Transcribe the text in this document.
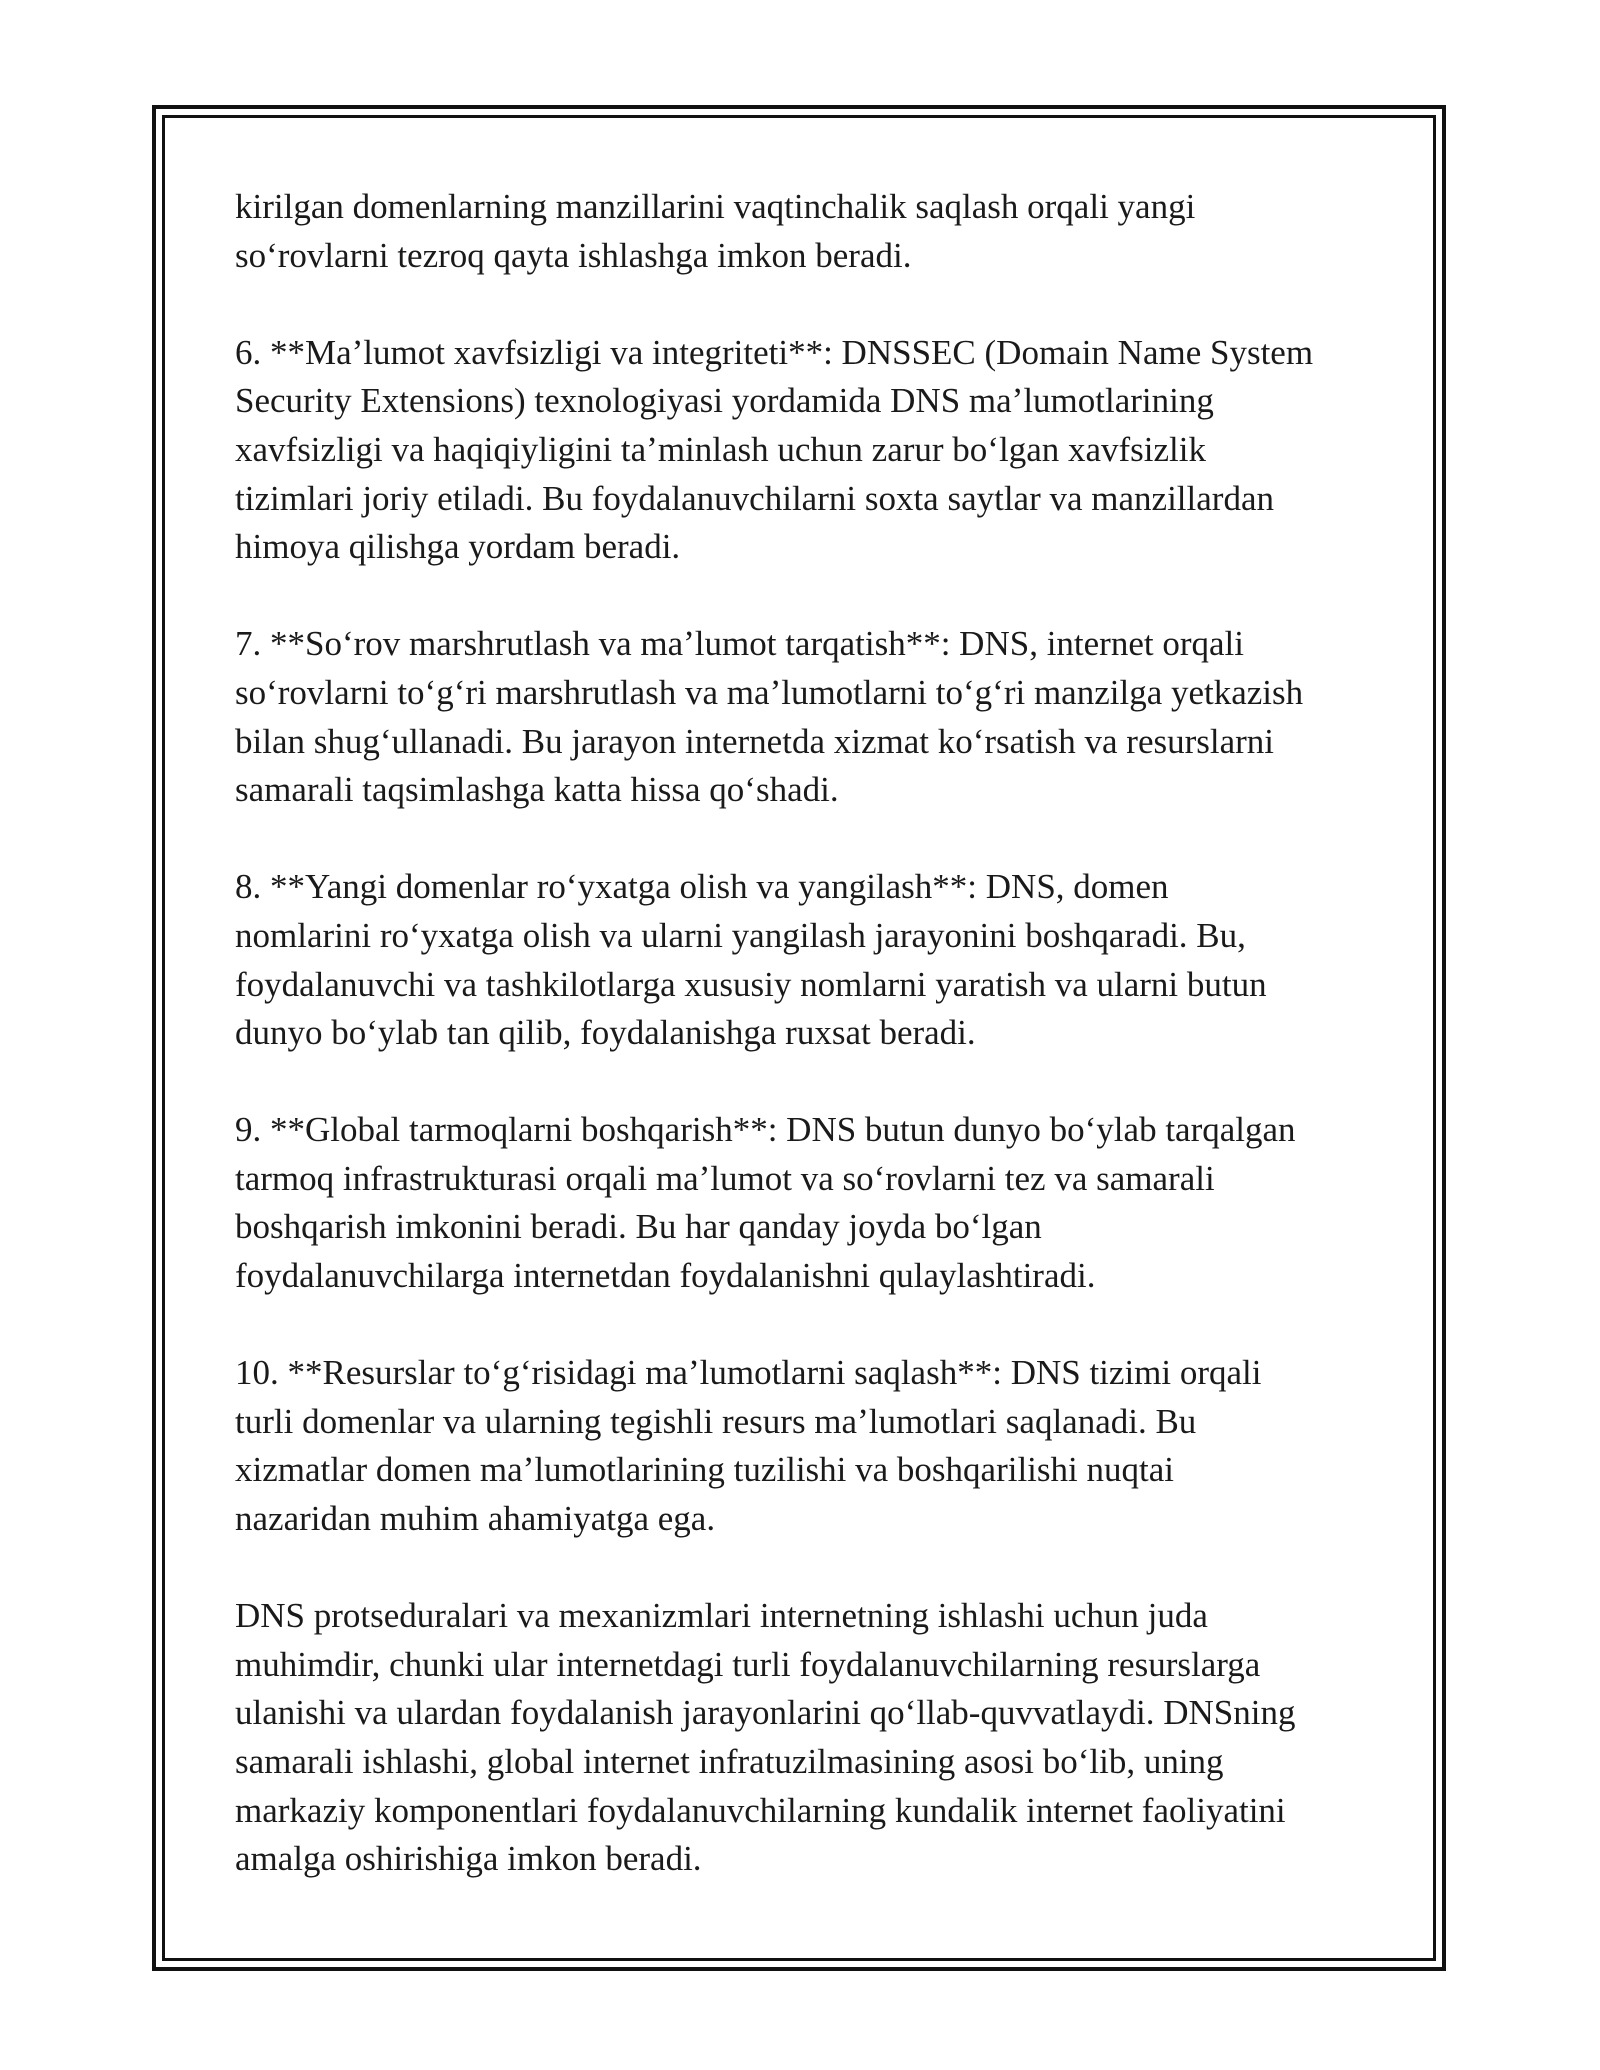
kirilgan domenlarning manzillarini vaqtinchalik saqlash orqali yangi
soʻrovlarni tezroq qayta ishlashga imkon beradi.

6. **Maʼlumot xavfsizligi va integriteti**: DNSSEC (Domain Name System
Security Extensions) texnologiyasi yordamida DNS maʼlumotlarining
xavfsizligi va haqiqiyligini taʼminlash uchun zarur boʻlgan xavfsizlik
tizimlari joriy etiladi. Bu foydalanuvchilarni soxta saytlar va manzillardan
himoya qilishga yordam beradi.

7. **Soʻrov marshrutlash va maʼlumot tarqatish**: DNS, internet orqali
soʻrovlarni toʻgʻri marshrutlash va maʼlumotlarni toʻgʻri manzilga yetkazish
bilan shugʻullanadi. Bu jarayon internetda xizmat koʻrsatish va resurslarni
samarali taqsimlashga katta hissa qoʻshadi.

8. **Yangi domenlar roʻyxatga olish va yangilash**: DNS, domen
nomlarini roʻyxatga olish va ularni yangilash jarayonini boshqaradi. Bu,
foydalanuvchi va tashkilotlarga xususiy nomlarni yaratish va ularni butun
dunyo boʻylab tan qilib, foydalanishga ruxsat beradi.

9. **Global tarmoqlarni boshqarish**: DNS butun dunyo boʻylab tarqalgan
tarmoq infrastrukturasi orqali maʼlumot va soʻrovlarni tez va samarali
boshqarish imkonini beradi. Bu har qanday joyda boʻlgan
foydalanuvchilarga internetdan foydalanishni qulaylashtiradi.

10. **Resurslar toʻgʻrisidagi maʼlumotlarni saqlash**: DNS tizimi orqali
turli domenlar va ularning tegishli resurs maʼlumotlari saqlanadi. Bu
xizmatlar domen maʼlumotlarining tuzilishi va boshqarilishi nuqtai
nazaridan muhim ahamiyatga ega.

DNS protseduralari va mexanizmlari internetning ishlashi uchun juda
muhimdir, chunki ular internetdagi turli foydalanuvchilarning resurslarga
ulanishi va ulardan foydalanish jarayonlarini qoʻllab-quvvatlaydi. DNSning
samarali ishlashi, global internet infratuzilmasining asosi boʻlib, uning
markaziy komponentlari foydalanuvchilarning kundalik internet faoliyatini
amalga oshirishiga imkon beradi.
